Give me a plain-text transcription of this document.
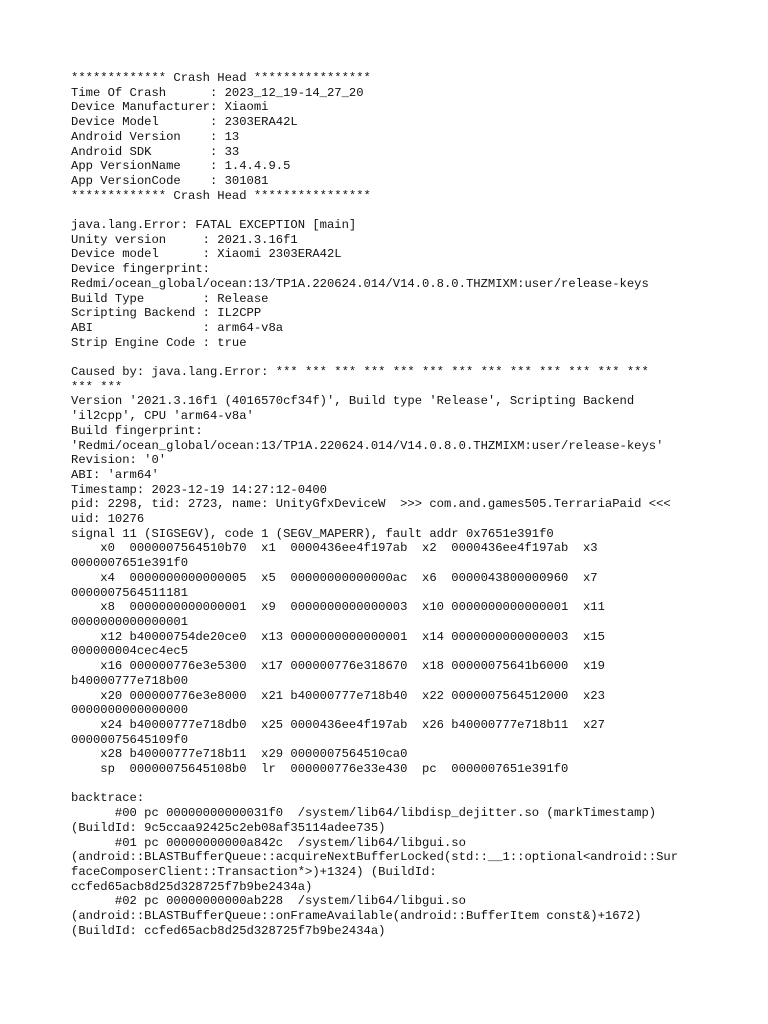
************* Crash Head ****************
Time Of Crash      : 2023_12_19-14_27_20
Device Manufacturer: Xiaomi
Device Model       : 2303ERA42L
Android Version    : 13
Android SDK        : 33
App VersionName    : 1.4.4.9.5
App VersionCode    : 301081
************* Crash Head ****************
java.lang.Error: FATAL EXCEPTION [main]
Unity version     : 2021.3.16f1
Device model      : Xiaomi 2303ERA42L
Device fingerprint:
Redmi/ocean_global/ocean:13/TP1A.220624.014/V14.0.8.0.THZMIXM:user/release-keys
Build Type        : Release
Scripting Backend : IL2CPP
ABI               : arm64-v8a
Strip Engine Code : true
Caused by: java.lang.Error: *** *** *** *** *** *** *** *** *** *** *** *** ***
*** ***
Version '2021.3.16f1 (4016570cf34f)', Build type 'Release', Scripting Backend
'il2cpp', CPU 'arm64-v8a'
Build fingerprint:
'Redmi/ocean_global/ocean:13/TP1A.220624.014/V14.0.8.0.THZMIXM:user/release-keys'
Revision: '0'
ABI: 'arm64'
Timestamp: 2023-12-19 14:27:12-0400
pid: 2298, tid: 2723, name: UnityGfxDeviceW  >>> com.and.games505.TerrariaPaid <<<
uid: 10276
signal 11 (SIGSEGV), code 1 (SEGV_MAPERR), fault addr 0x7651e391f0
x0  0000007564510b70  x1  0000436ee4f197ab  x2  0000436ee4f197ab  x3
0000007651e391f0
x4  0000000000000005  x5  00000000000000ac  x6  0000043800000960  x7
0000007564511181
x8  0000000000000001  x9  0000000000000003  x10 0000000000000001  x11
0000000000000001
x12 b40000754de20ce0  x13 0000000000000001  x14 0000000000000003  x15
000000004cec4ec5
x16 000000776e3e5300  x17 000000776e318670  x18 00000075641b6000  x19
b40000777e718b00
x20 000000776e3e8000  x21 b40000777e718b40  x22 0000007564512000  x23
0000000000000000
x24 b40000777e718db0  x25 0000436ee4f197ab  x26 b40000777e718b11  x27
00000075645109f0
x28 b40000777e718b11  x29 0000007564510ca0
sp  00000075645108b0  lr  000000776e33e430  pc  0000007651e391f0
backtrace:
#00 pc 00000000000031f0  /system/lib64/libdisp_dejitter.so (markTimestamp)
(BuildId: 9c5ccaa92425c2eb08af35114adee735)
#01 pc 00000000000a842c  /system/lib64/libgui.so
(android::BLASTBufferQueue::acquireNextBufferLocked(std::__1::optional<android::Sur
faceComposerClient::Transaction*>)+1324) (BuildId:
ccfed65acb8d25d328725f7b9be2434a)
#02 pc 00000000000ab228  /system/lib64/libgui.so
(android::BLASTBufferQueue::onFrameAvailable(android::BufferItem const&)+1672)
(BuildId: ccfed65acb8d25d328725f7b9be2434a)
